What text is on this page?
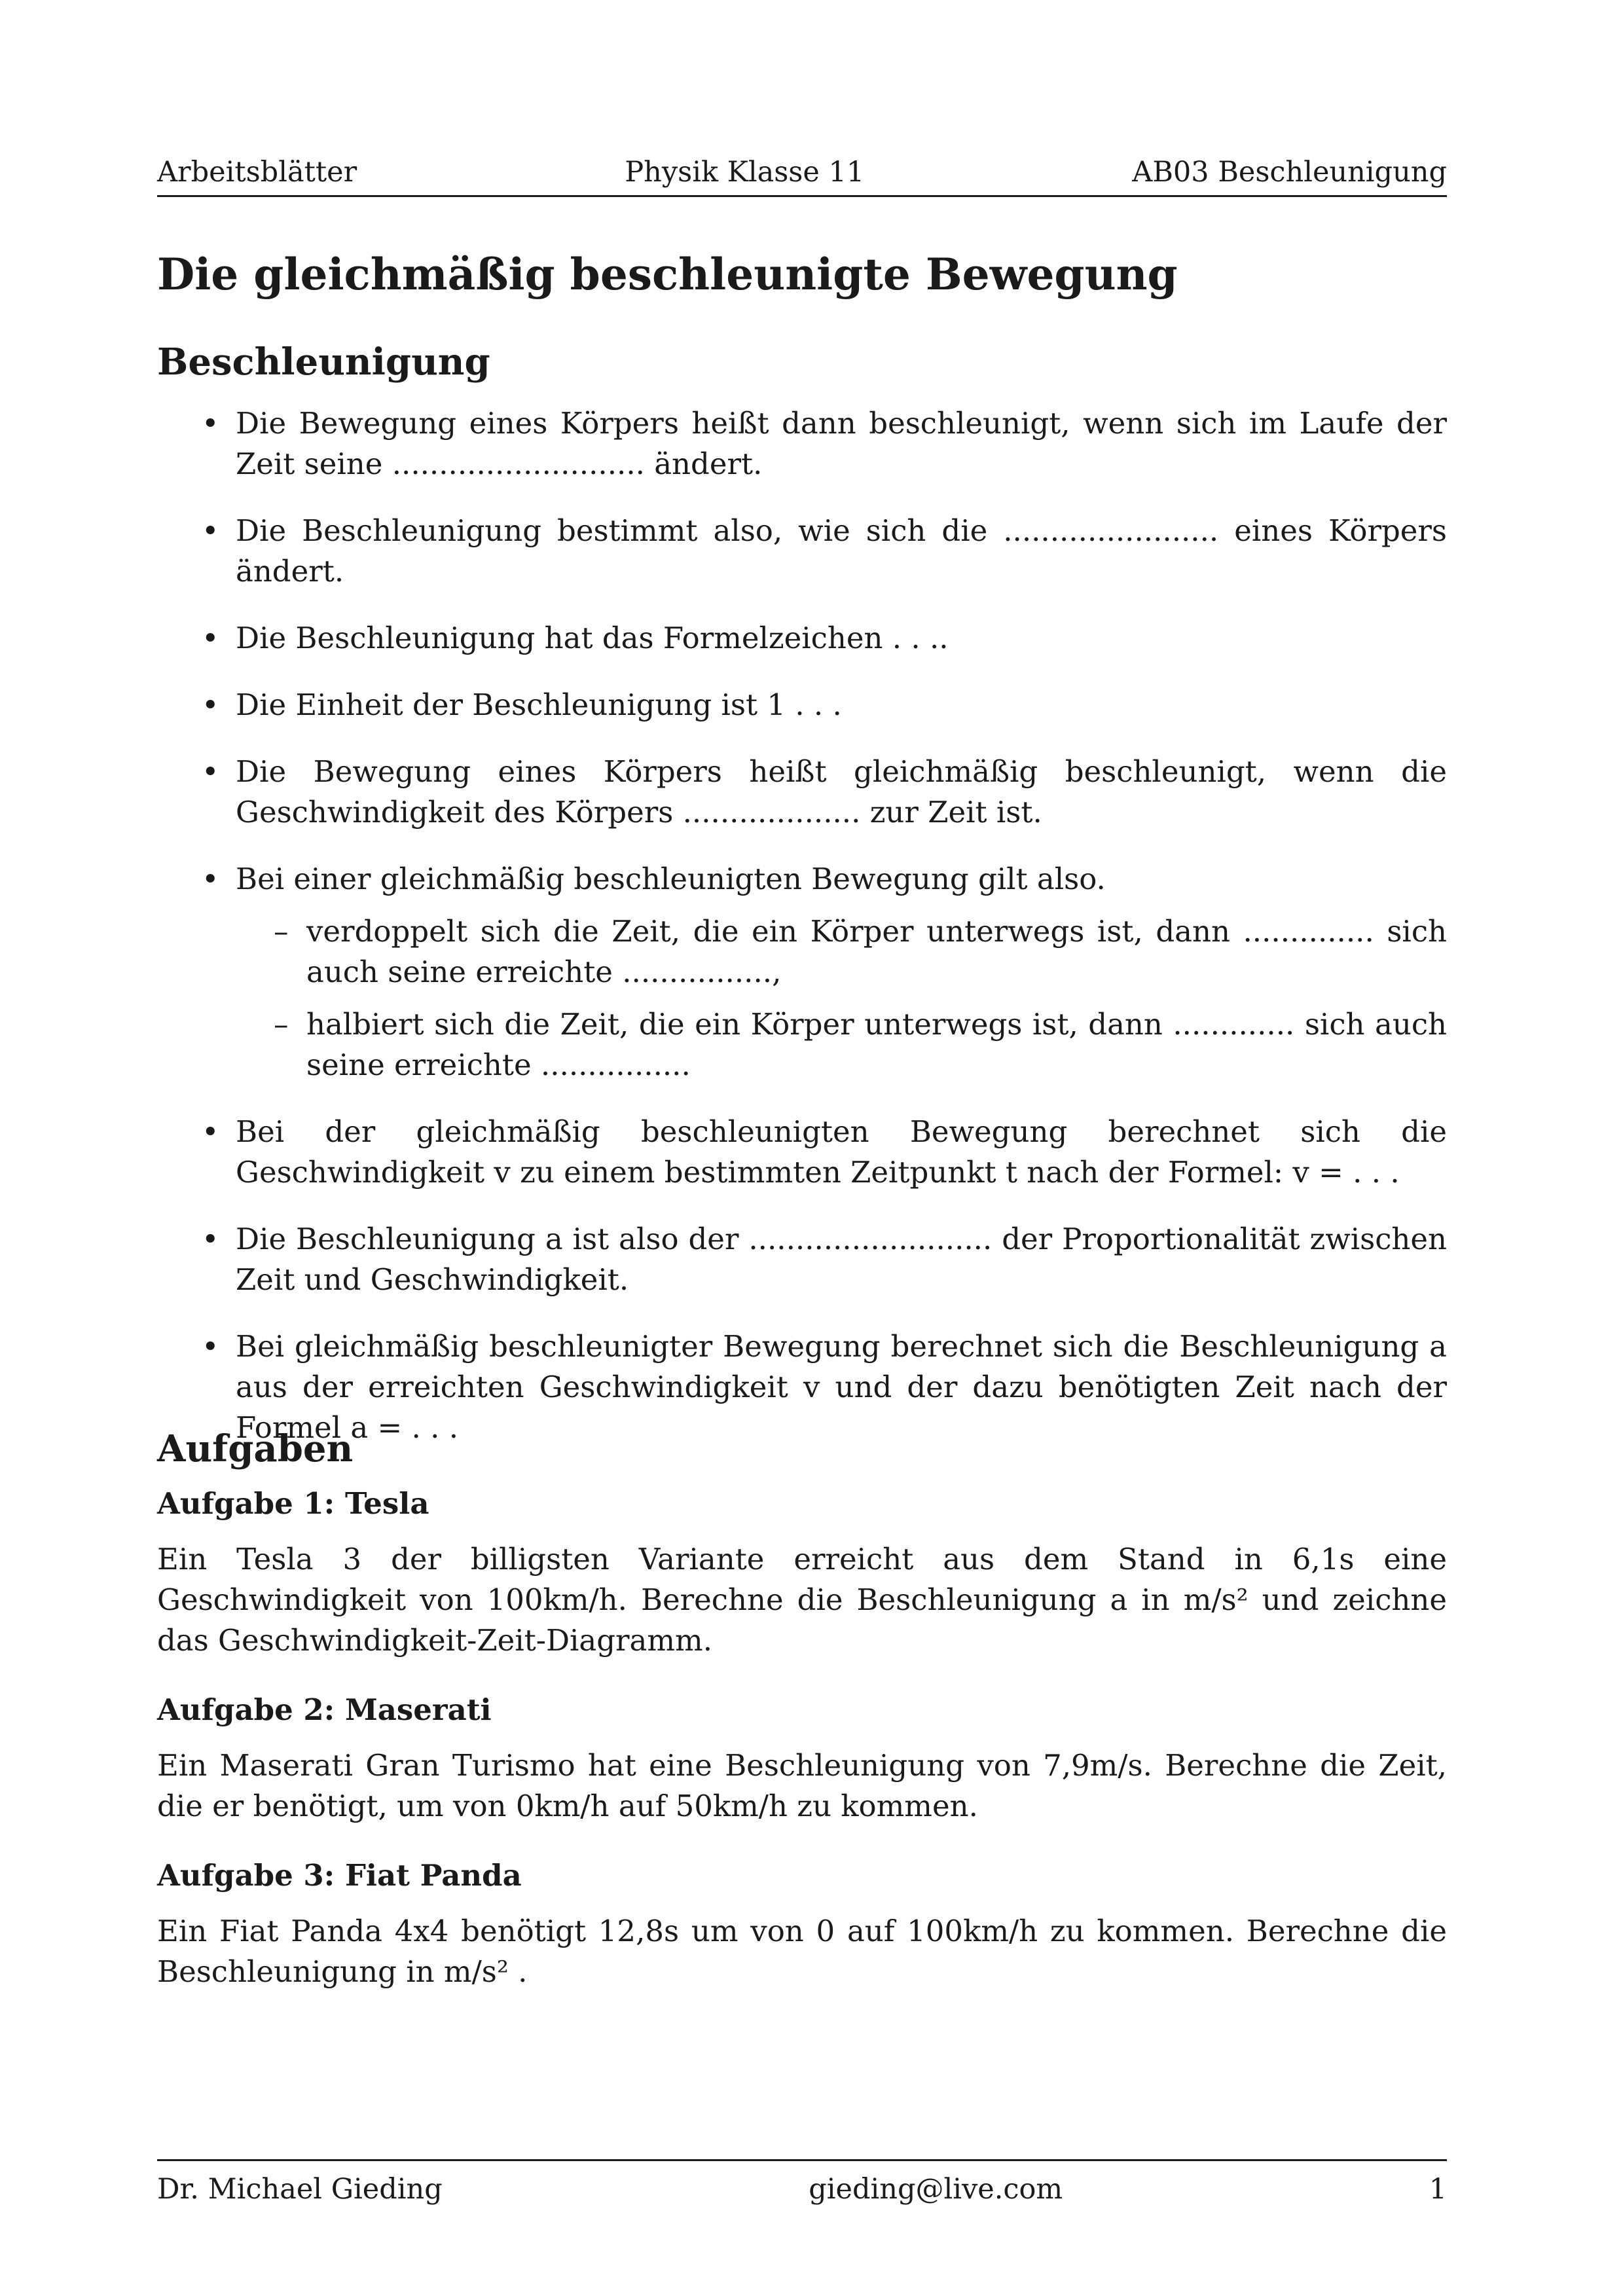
Arbeitsblätter	Physik Klasse 11	AB03 Beschleunigung
Die gleichmäßig beschleunigte Bewegung
Beschleunigung
• Die Bewegung eines Körpers heißt dann beschleunigt, wenn sich im Laufe der Zeit seine ........................... ändert.
• Die Beschleunigung bestimmt also, wie sich die ....................... eines Körpers ändert.
• Die Beschleunigung hat das Formelzeichen . . ..
• Die Einheit der Beschleunigung ist 1 . . .
• Die Bewegung eines Körpers heißt gleichmäßig beschleunigt, wenn die Geschwindigkeit des Körpers ................... zur Zeit ist.
• Bei einer gleichmäßig beschleunigten Bewegung gilt also.
– verdoppelt sich die Zeit, die ein Körper unterwegs ist, dann .............. sich auch seine erreichte ................,
– halbiert sich die Zeit, die ein Körper unterwegs ist, dann ............. sich auch seine erreichte ................
• Bei der gleichmäßig beschleunigten Bewegung berechnet sich die Geschwindigkeit v zu einem bestimmten Zeitpunkt t nach der Formel: v = . . .
• Die Beschleunigung a ist also der .......................... der Proportionalität zwischen Zeit und Geschwindigkeit.
• Bei gleichmäßig beschleunigter Bewegung berechnet sich die Beschleunigung a aus der erreichten Geschwindigkeit v und der dazu benötigten Zeit nach der Formel a = . . .
Aufgaben
Aufgabe 1: Tesla

Ein Tesla 3 der billigsten Variante erreicht aus dem Stand in 6,1s eine Geschwindigkeit von 100km/h. Berechne die Beschleunigung a in m/s² und zeichne das Geschwindigkeit-Zeit-Diagramm.

Aufgabe 2: Maserati

Ein Maserati Gran Turismo hat eine Beschleunigung von 7,9m/s. Berechne die Zeit, die er benötigt, um von 0km/h auf 50km/h zu kommen.

Aufgabe 3: Fiat Panda

Ein Fiat Panda 4x4 benötigt 12,8s um von 0 auf 100km/h zu kommen. Berechne die Beschleunigung in m/s² .

Dr. Michael Gieding	gieding@live.com	1
